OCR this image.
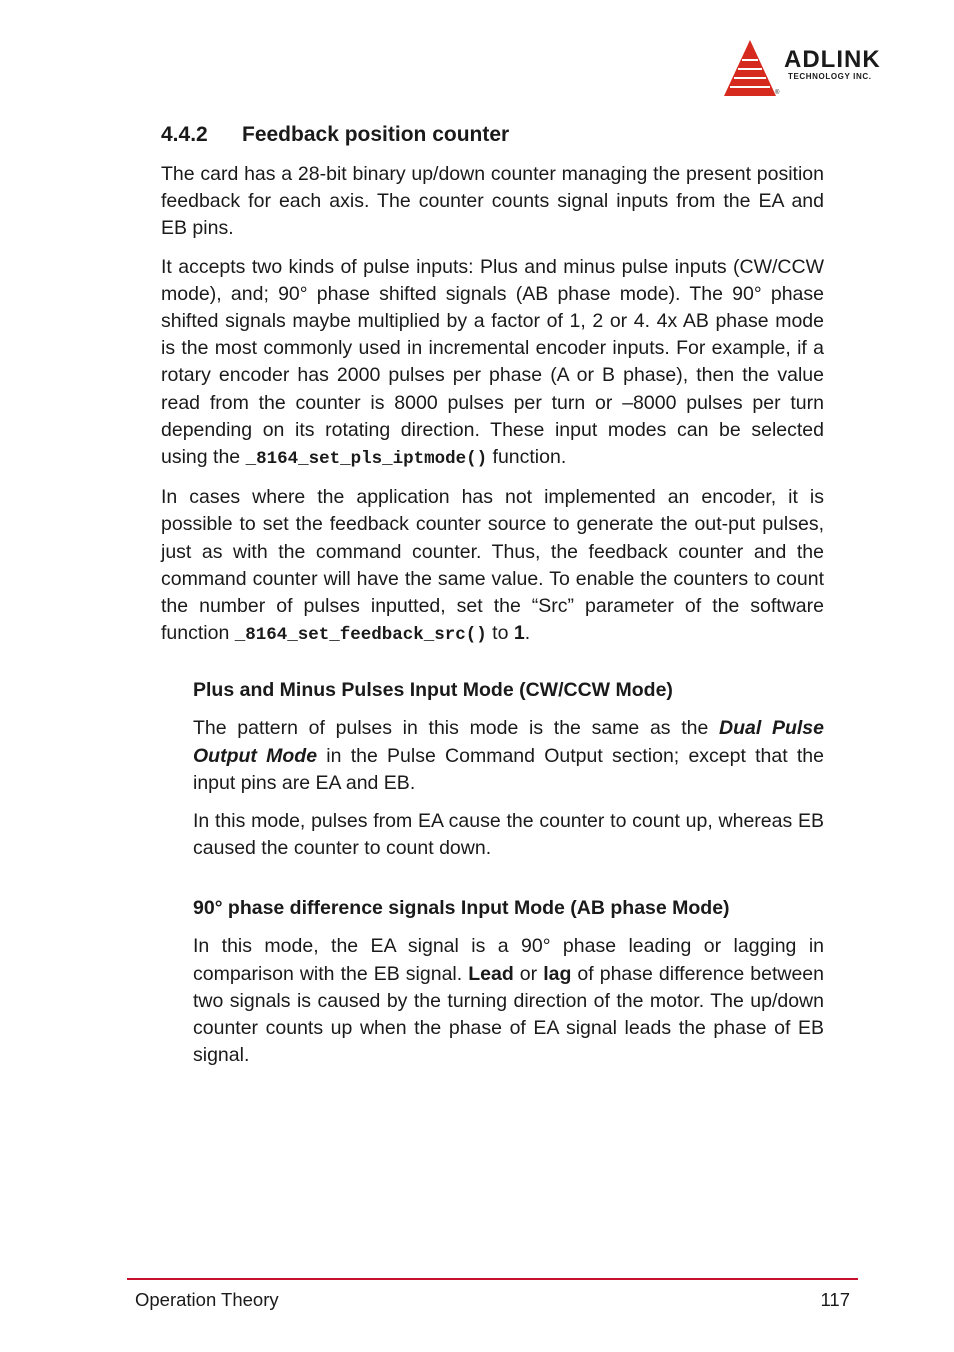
ADLINK
TECHNOLOGY INC.
®
4.4.2 Feedback position counter

The card has a 28-bit binary up/down counter managing the present position feedback for each axis. The counter counts signal inputs from the EA and EB pins.

It accepts two kinds of pulse inputs: Plus and minus pulse inputs (CW/CCW mode), and; 90° phase shifted signals (AB phase mode). The 90° phase shifted signals maybe multiplied by a factor of 1, 2 or 4. 4x AB phase mode is the most commonly used in incremental encoder inputs. For example, if a rotary encoder has 2000 pulses per phase (A or B phase), then the value read from the counter is 8000 pulses per turn or –8000 pulses per turn depending on its rotating direction. These input modes can be selected using the _8164_set_pls_iptmode() function.

In cases where the application has not implemented an encoder, it is possible to set the feedback counter source to generate the out-put pulses, just as with the command counter. Thus, the feedback counter and the command counter will have the same value. To enable the counters to count the number of pulses inputted, set the “Src” parameter of the software function _8164_set_feedback_src() to 1.

Plus and Minus Pulses Input Mode (CW/CCW Mode)

The pattern of pulses in this mode is the same as the Dual Pulse Output Mode in the Pulse Command Output section; except that the input pins are EA and EB.

In this mode, pulses from EA cause the counter to count up, whereas EB caused the counter to count down.

90° phase difference signals Input Mode (AB phase Mode)

In this mode, the EA signal is a 90° phase leading or lagging in comparison with the EB signal. Lead or lag of phase difference between two signals is caused by the turning direction of the motor. The up/down counter counts up when the phase of EA signal leads the phase of EB signal.

Operation Theory	117
